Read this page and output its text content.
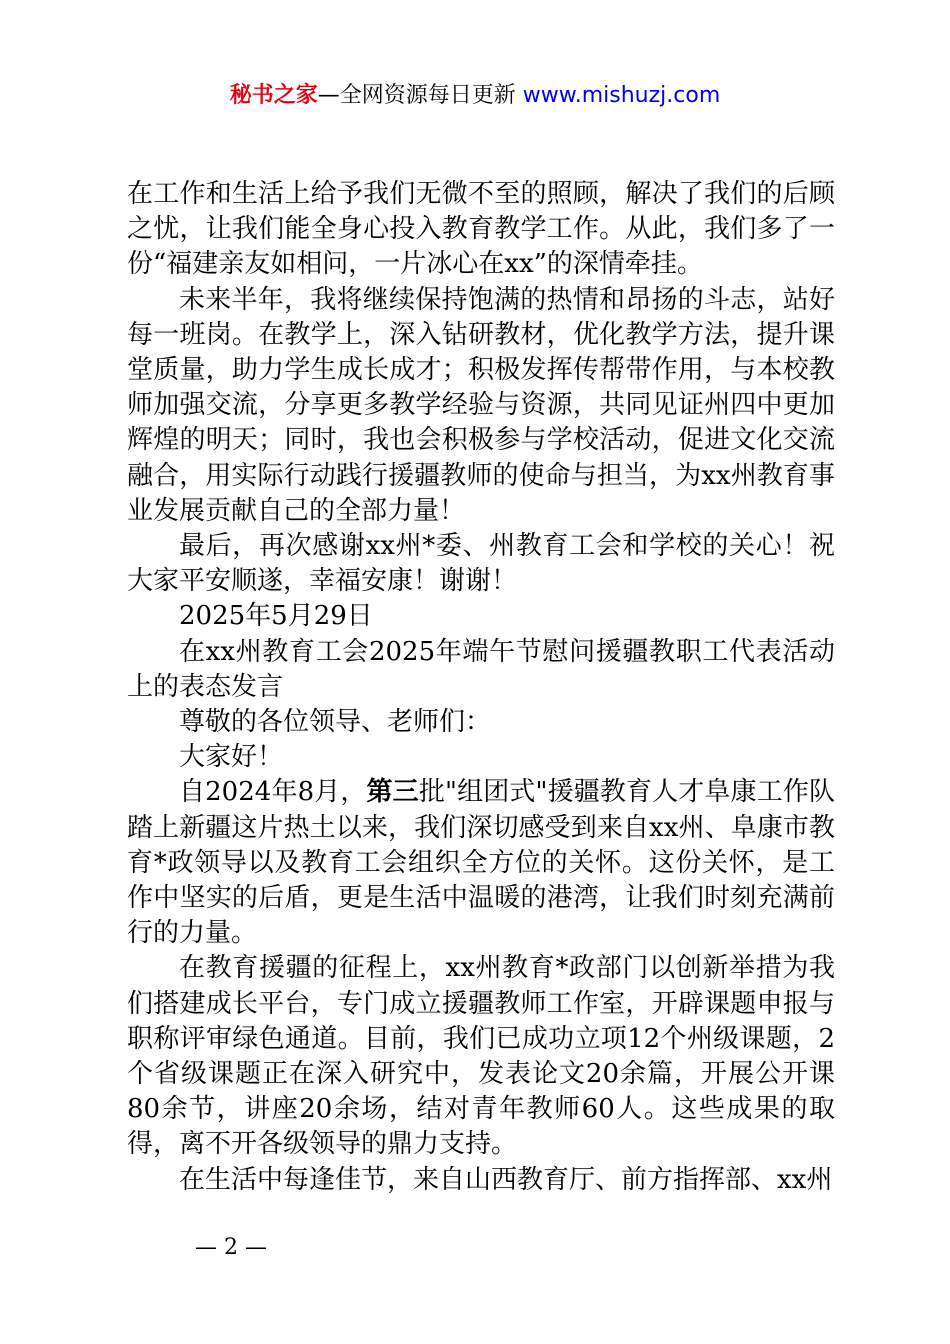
秘书之家—全网资源每日更新 www.mishuzj.com

在工作和生活上给予我们无微不至的照顾，解决了我们的后顾之忧，让我们能全身心投入教育教学工作。从此，我们多了一份“福建亲友如相问，一片冰心在xx”的深情牵挂。

未来半年，我将继续保持饱满的热情和昂扬的斗志，站好每一班岗。在教学上，深入钻研教材，优化教学方法，提升课堂质量，助力学生成长成才；积极发挥传帮带作用，与本校教师加强交流，分享更多教学经验与资源，共同见证州四中更加辉煌的明天；同时，我也会积极参与学校活动，促进文化交流融合，用实际行动践行援疆教师的使命与担当，为xx州教育事业发展贡献自己的全部力量！

最后，再次感谢xx州*委、州教育工会和学校的关心！祝大家平安顺遂，幸福安康！谢谢！

2025年5月29日

在xx州教育工会2025年端午节慰问援疆教职工代表活动上的表态发言

尊敬的各位领导、老师们：

大家好！

自2024年8月，第三批"组团式"援疆教育人才阜康工作队踏上新疆这片热土以来，我们深切感受到来自xx州、阜康市教育*政领导以及教育工会组织全方位的关怀。这份关怀，是工作中坚实的后盾，更是生活中温暖的港湾，让我们时刻充满前行的力量。

在教育援疆的征程上，xx州教育*政部门以创新举措为我们搭建成长平台，专门成立援疆教师工作室，开辟课题申报与职称评审绿色通道。目前，我们已成功立项12个州级课题，2个省级课题正在深入研究中，发表论文20余篇，开展公开课80余节，讲座20余场，结对青年教师60人。这些成果的取得，离不开各级领导的鼎力支持。

在生活中每逢佳节，来自山西教育厅、前方指挥部、xx州

— 2 —
